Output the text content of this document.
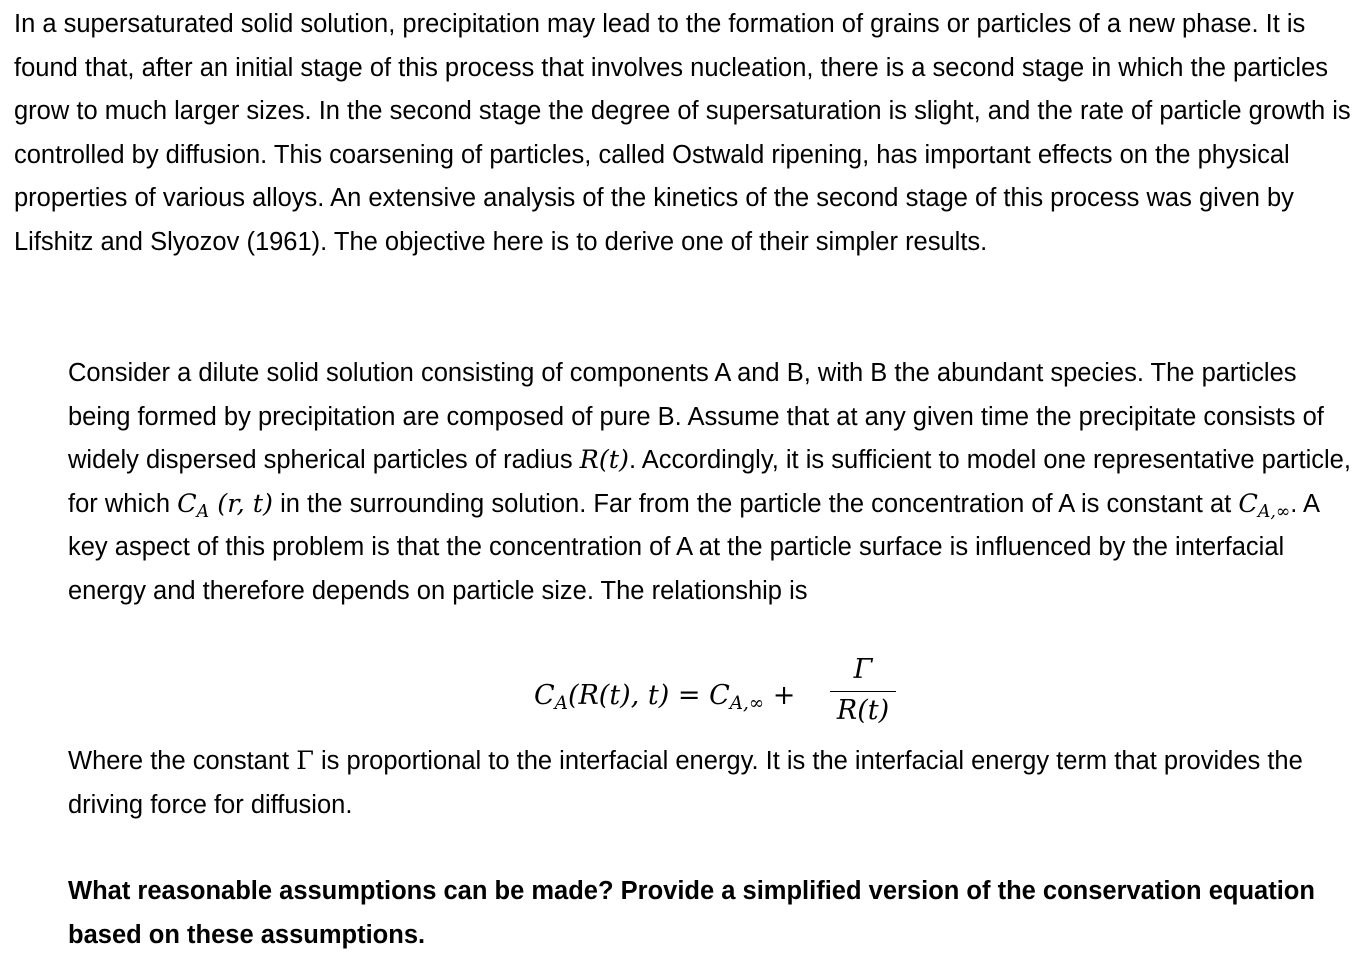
In a supersaturated solid solution, precipitation may lead to the formation of grains or particles of a new phase. It is found that, after an initial stage of this process that involves nucleation, there is a second stage in which the particles grow to much larger sizes. In the second stage the degree of supersaturation is slight, and the rate of particle growth is controlled by diffusion. This coarsening of particles, called Ostwald ripening, has important effects on the physical properties of various alloys. An extensive analysis of the kinetics of the second stage of this process was given by Lifshitz and Slyozov (1961). The objective here is to derive one of their simpler results.

Consider a dilute solid solution consisting of components A and B, with B the abundant species. The particles being formed by precipitation are composed of pure B. Assume that at any given time the precipitate consists of widely dispersed spherical particles of radius R(t). Accordingly, it is sufficient to model one representative particle, for which $C_A$ (r, t) in the surrounding solution. Far from the particle the concentration of A is constant at $C_{A,\infty}$. A key aspect of this problem is that the concentration of A at the particle surface is influenced by the interfacial energy and therefore depends on particle size. The relationship is

$C_A(R(t)$, $t) = C_{A,\infty}$ +
Γ
R(t)

Where the constant Γ is proportional to the interfacial energy. It is the interfacial energy term that provides the driving force for diffusion.

What reasonable assumptions can be made? Provide a simplified version of the conservation equation based on these assumptions.
